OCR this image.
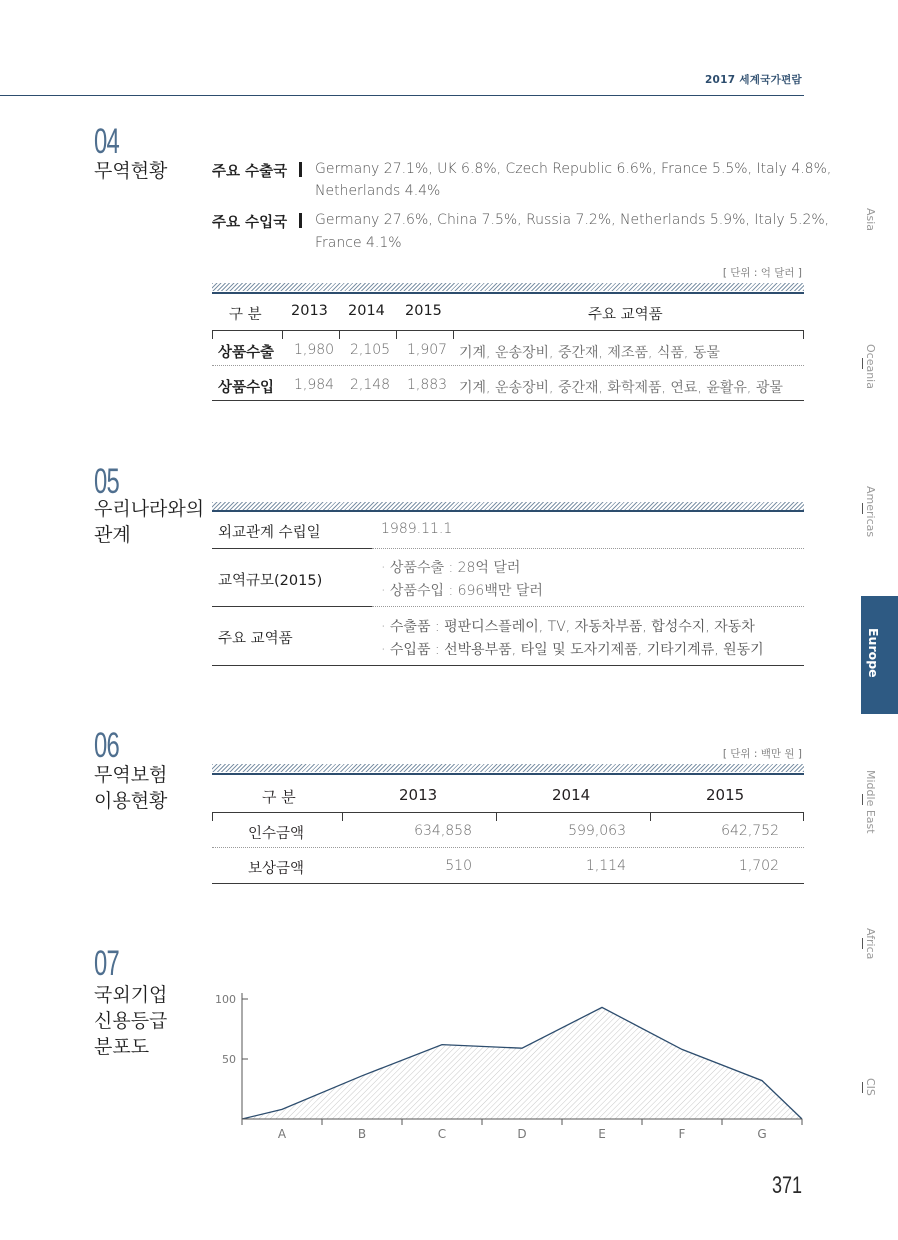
2017 세계국가편람
04
무역현황	주요 수출국 Germany 27.1%, UK 6.8%, Czech Republic 6.6%, France 5.5%, Italy 4.8%,
Netherlands 4.4%
주요 수입국 Germany 27.6%, China 7.5%, Russia 7.2%, Netherlands 5.9%, Italy 5.2%,
France 4.1%
[ 단위 : 억 달러 ]
구 분 2013 2014 2015	주요 교역품
상품수출 1,980 2,105 1,907 기계, 운송장비, 중간재, 제조품, 식품, 동물
상품수입 1,984 2,148 1,883 기계, 운송장비, 중간재, 화학제품, 연료, 윤활유, 광물
05
우리나라와의
관계	외교관계 수립일	1989.11.1
교역규모(2015)
· 상품수출 : 28억 달러
· 상품수입 : 696백만 달러
주요 교역품
· 수출품 : 평판디스플레이, TV, 자동차부품, 합성수지, 자동차
· 수입품 : 선박용부품, 타일 및 도자기제품, 기타기계류, 원동기
06
무역보험
이용현황
[ 단위 : 백만 원 ]
구 분	2013	2014	2015
인수금액	634,858	599,063	642,752
보상금액	510	1,114	1,702
07
국외기업
신용등급
분포도
50
100
A	B	C	D	E	F	G
Asia
Oceania
Americas
Europe
Middle East
Africa
CIS
371
